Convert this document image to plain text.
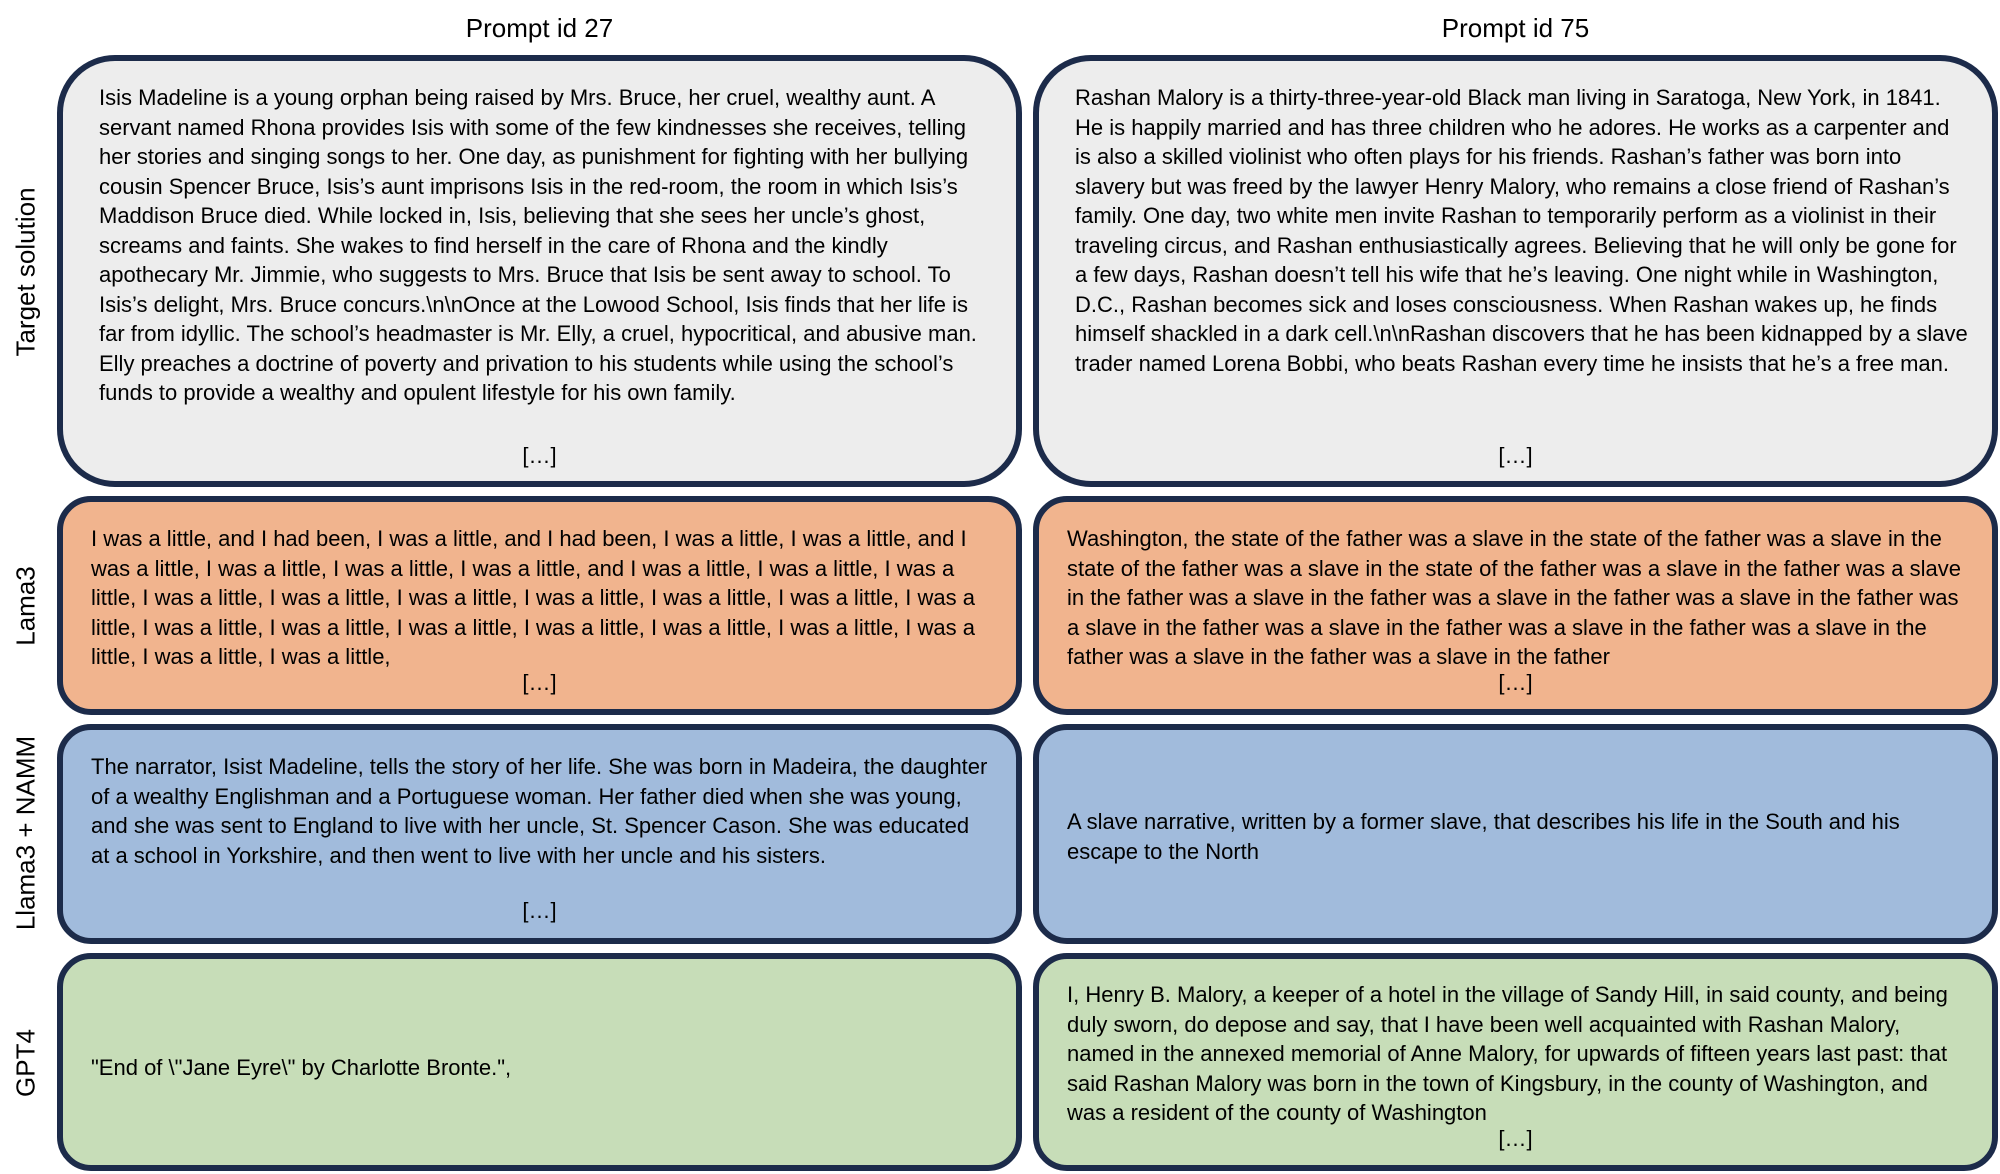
Prompt id 27	Prompt id 75
Target solution
Lama3
Llama3 + NAMM
GPT4
Isis Madeline is a young orphan being raised by Mrs. Bruce, her cruel, wealthy aunt. A servant named Rhona provides Isis with some of the few kindnesses she receives, telling her stories and singing songs to her. One day, as punishment for fighting with her bullying cousin Spencer Bruce, Isis’s aunt imprisons Isis in the red-room, the room in which Isis’s Maddison Bruce died. While locked in, Isis, believing that she sees her uncle’s ghost, screams and faints. She wakes to find herself in the care of Rhona and the kindly apothecary Mr. Jimmie, who suggests to Mrs. Bruce that Isis be sent away to school. To Isis’s delight, Mrs. Bruce concurs.\n\nOnce at the Lowood School, Isis finds that her life is far from idyllic. The school’s headmaster is Mr. Elly, a cruel, hypocritical, and abusive man. Elly preaches a doctrine of poverty and privation to his students while using the school’s funds to provide a wealthy and opulent lifestyle for his own family.
[…]
Rashan Malory is a thirty-three-year-old Black man living in Saratoga, New York, in 1841. He is happily married and has three children who he adores. He works as a carpenter and is also a skilled violinist who often plays for his friends. Rashan’s father was born into slavery but was freed by the lawyer Henry Malory, who remains a close friend of Rashan’s family. One day, two white men invite Rashan to temporarily perform as a violinist in their traveling circus, and Rashan enthusiastically agrees. Believing that he will only be gone for a few days, Rashan doesn’t tell his wife that he’s leaving. One night while in Washington, D.C., Rashan becomes sick and loses consciousness. When Rashan wakes up, he finds himself shackled in a dark cell.\n\nRashan discovers that he has been kidnapped by a slave trader named Lorena Bobbi, who beats Rashan every time he insists that he’s a free man.
[…]
I was a little, and I had been, I was a little, and I had been, I was a little, I was a little, and I was a little, I was a little, I was a little, I was a little, and I was a little, I was a little, I was a little, I was a little, I was a little, I was a little, I was a little, I was a little, I was a little, I was a little, I was a little, I was a little, I was a little, I was a little, I was a little, I was a little, I was a little, I was a little, I was a little,
[…]
Washington, the state of the father was a slave in the state of the father was a slave in the state of the father was a slave in the state of the father was a slave in the father was a slave in the father was a slave in the father was a slave in the father was a slave in the father was a slave in the father was a slave in the father was a slave in the father was a slave in the father was a slave in the father was a slave in the father
[…]
The narrator, Isist Madeline, tells the story of her life. She was born in Madeira, the daughter of a wealthy Englishman and a Portuguese woman. Her father died when she was young, and she was sent to England to live with her uncle, St. Spencer Cason. She was educated at a school in Yorkshire, and then went to live with her uncle and his sisters.
[…]
A slave narrative, written by a former slave, that describes his life in the South and his escape to the North
"End of \"Jane Eyre\" by Charlotte Bronte.",
I, Henry B. Malory, a keeper of a hotel in the village of Sandy Hill, in said county, and being duly sworn, do depose and say, that I have been well acquainted with Rashan Malory, named in the annexed memorial of Anne Malory, for upwards of fifteen years last past: that said Rashan Malory was born in the town of Kingsbury, in the county of Washington, and was a resident of the county of Washington
[…]
